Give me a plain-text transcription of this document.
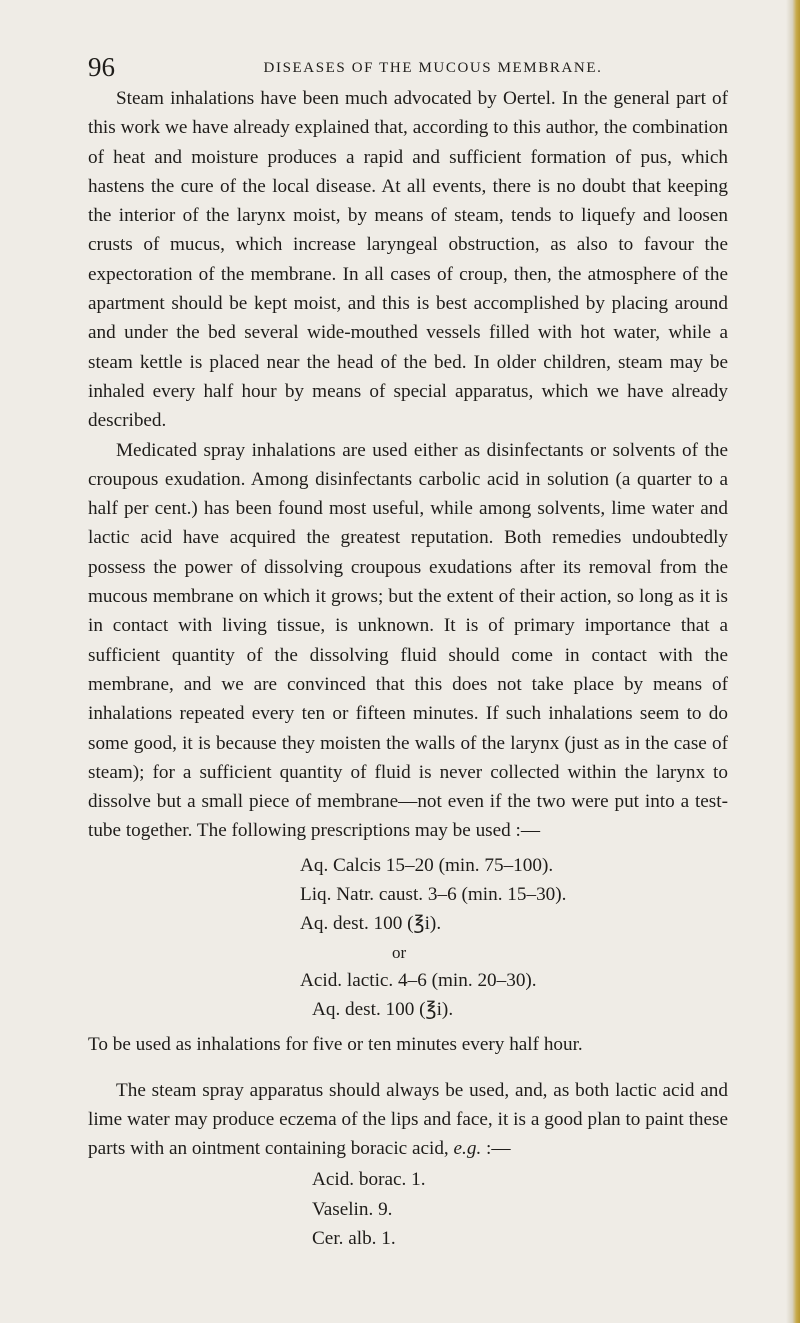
96	DISEASES OF THE MUCOUS MEMBRANE.

Steam inhalations have been much advocated by Oertel. In the general part of this work we have already explained that, according to this author, the combination of heat and moisture produces a rapid and sufficient formation of pus, which hastens the cure of the local disease. At all events, there is no doubt that keeping the interior of the larynx moist, by means of steam, tends to liquefy and loosen crusts of mucus, which increase laryngeal obstruction, as also to favour the expectoration of the membrane. In all cases of croup, then, the atmosphere of the apartment should be kept moist, and this is best accomplished by placing around and under the bed several wide-mouthed vessels filled with hot water, while a steam kettle is placed near the head of the bed. In older children, steam may be inhaled every half hour by means of special apparatus, which we have already described.

Medicated spray inhalations are used either as disinfectants or solvents of the croupous exudation. Among disinfectants carbolic acid in solution (a quarter to a half per cent.) has been found most useful, while among solvents, lime water and lactic acid have acquired the greatest reputation. Both remedies undoubtedly possess the power of dissolving croupous exudations after its removal from the mucous membrane on which it grows; but the extent of their action, so long as it is in contact with living tissue, is unknown. It is of primary importance that a sufficient quantity of the dissolving fluid should come in contact with the membrane, and we are convinced that this does not take place by means of inhalations repeated every ten or fifteen minutes. If such inhalations seem to do some good, it is because they moisten the walls of the larynx (just as in the case of steam); for a sufficient quantity of fluid is never collected within the larynx to dissolve but a small piece of membrane—not even if the two were put into a test-tube together. The following prescriptions may be used :—

Aq. Calcis 15–20 (min. 75–100).
Liq. Natr. caust. 3–6 (min. 15–30).
Aq. dest. 100 (℥i).
or
Acid. lactic. 4–6 (min. 20–30).
Aq. dest. 100 (℥i).

To be used as inhalations for five or ten minutes every half hour.

The steam spray apparatus should always be used, and, as both lactic acid and lime water may produce eczema of the lips and face, it is a good plan to paint these parts with an ointment containing boracic acid, e.g. :—

Acid. borac. 1.
Vaselin. 9.
Cer. alb. 1.
